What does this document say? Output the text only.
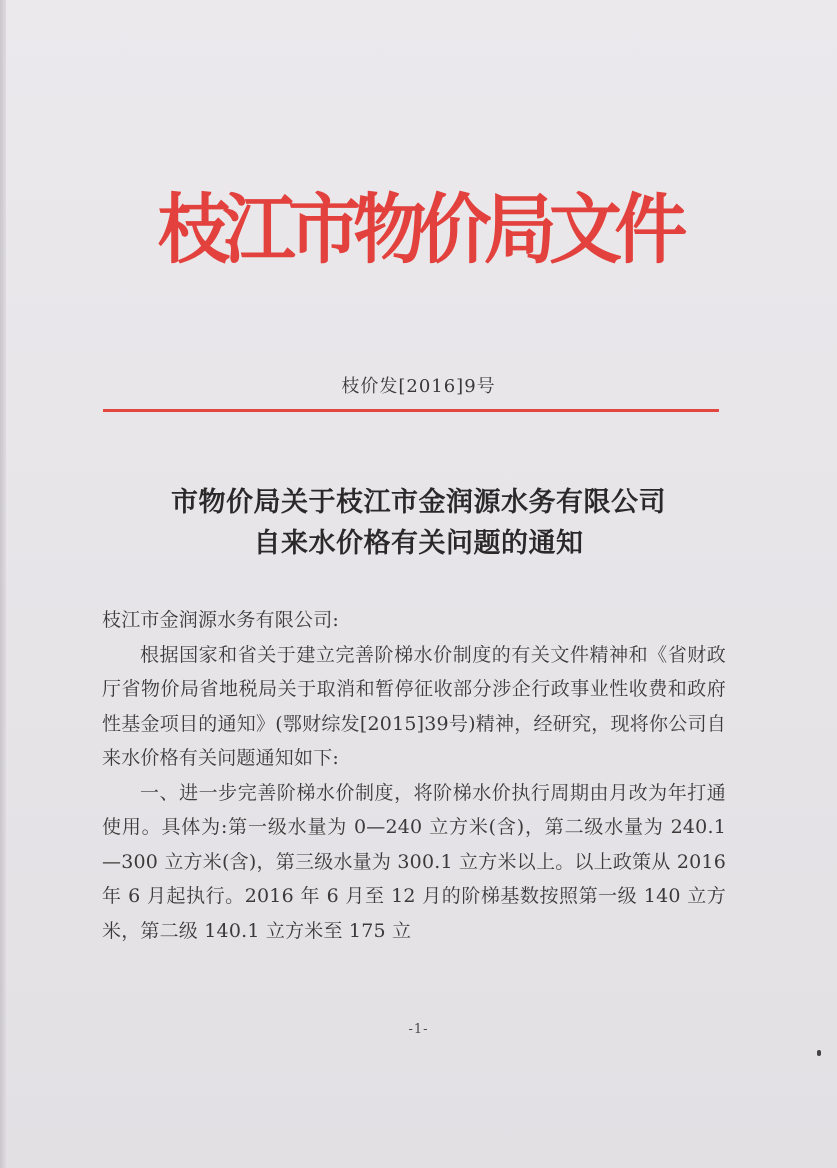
枝江市物价局文件
枝价发[2016]9号
市物价局关于枝江市金润源水务有限公司
自来水价格有关问题的通知

枝江市金润源水务有限公司:

根据国家和省关于建立完善阶梯水价制度的有关文件精神和《省财政厅省物价局省地税局关于取消和暂停征收部分涉企行政事业性收费和政府性基金项目的通知》(鄂财综发[2015]39号)精神，经研究，现将你公司自来水价格有关问题通知如下:

一、进一步完善阶梯水价制度，将阶梯水价执行周期由月改为年打通使用。具体为:第一级水量为 0—240 立方米(含)，第二级水量为 240.1—300 立方米(含)，第三级水量为 300.1 立方米以上。以上政策从 2016 年 6 月起执行。2016 年 6 月至 12 月的阶梯基数按照第一级 140 立方米，第二级 140.1 立方米至 175 立

-1-
